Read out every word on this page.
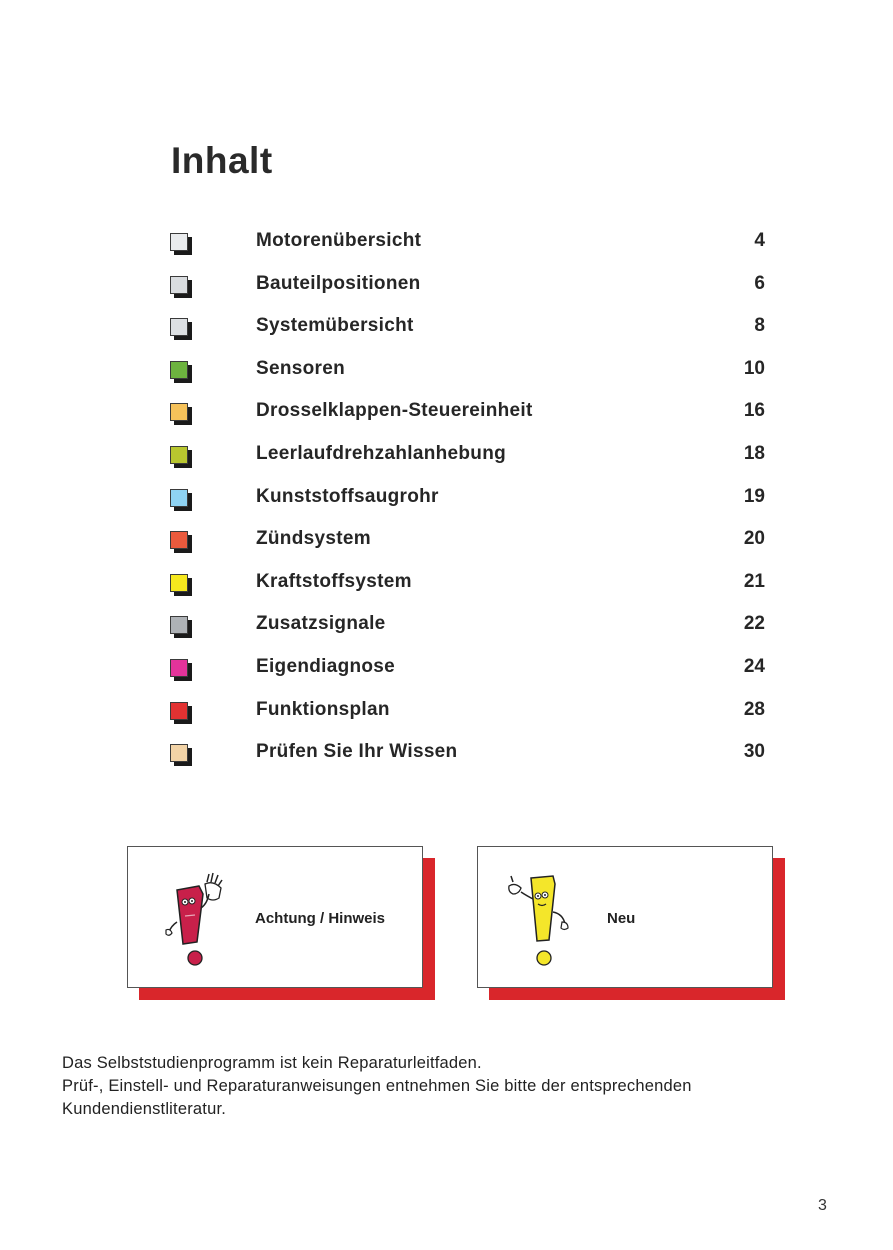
Inhalt
Motorenübersicht	4
Bauteilpositionen	6
Systemübersicht	8
Sensoren	10
Drosselklappen-Steuereinheit	16
Leerlaufdrehzahlanhebung	18
Kunststoffsaugrohr	19
Zündsystem	20
Kraftstoffsystem	21
Zusatzsignale	22
Eigendiagnose	24
Funktionsplan	28
Prüfen Sie Ihr Wissen	30
Achtung / Hinweis	Neu
Das Selbststudienprogramm ist kein Reparaturleitfaden.
Prüf-, Einstell- und Reparaturanweisungen entnehmen Sie bitte der entsprechenden
Kundendienstliteratur.
3
